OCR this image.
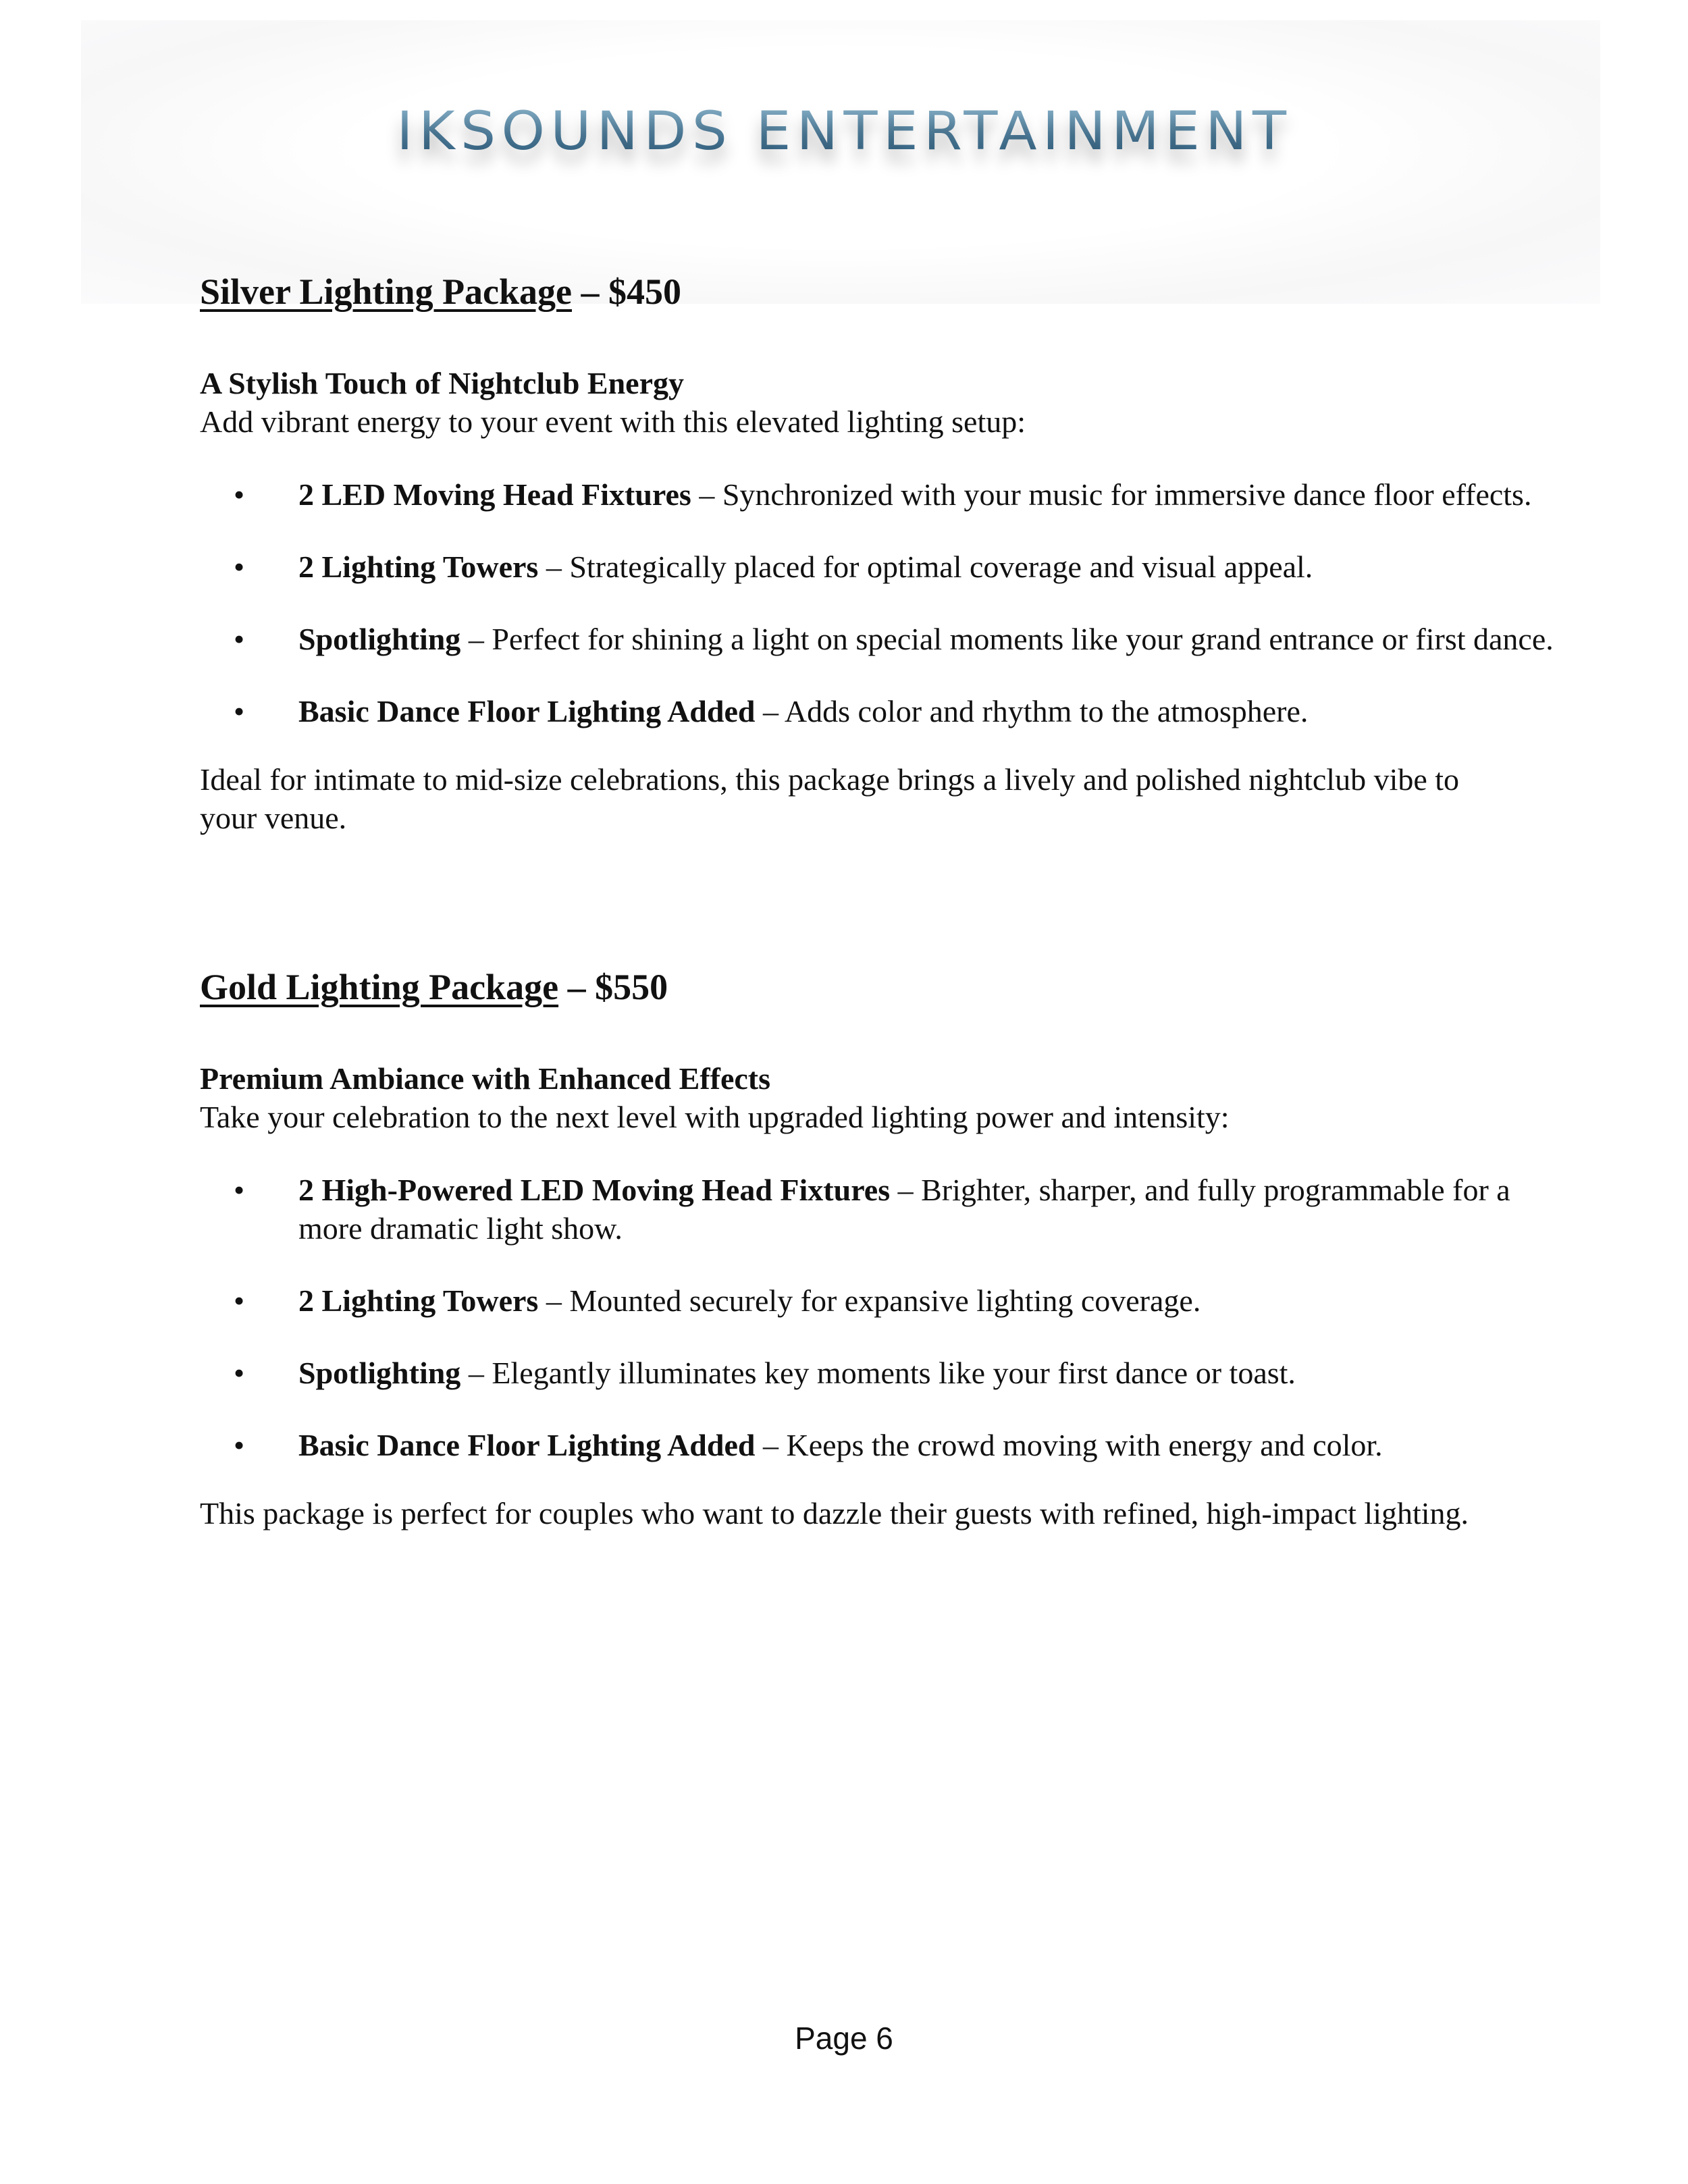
IKSOUNDS ENTERTAINMENT
Silver Lighting Package – $450

A Stylish Touch of Nightclub Energy

Add vibrant energy to your event with this elevated lighting setup:

• 2 LED Moving Head Fixtures – Synchronized with your music for immersive dance floor effects.
• 2 Lighting Towers – Strategically placed for optimal coverage and visual appeal.
• Spotlighting – Perfect for shining a light on special moments like your grand entrance or first dance.
• Basic Dance Floor Lighting Added – Adds color and rhythm to the atmosphere.

Ideal for intimate to mid-size celebrations, this package brings a lively and polished nightclub vibe to your venue.

Gold Lighting Package – $550

Premium Ambiance with Enhanced Effects

Take your celebration to the next level with upgraded lighting power and intensity:

• 2 High-Powered LED Moving Head Fixtures – Brighter, sharper, and fully programmable for a more dramatic light show.
• 2 Lighting Towers – Mounted securely for expansive lighting coverage.
• Spotlighting – Elegantly illuminates key moments like your first dance or toast.
• Basic Dance Floor Lighting Added – Keeps the crowd moving with energy and color.

This package is perfect for couples who want to dazzle their guests with refined, high-impact lighting.

Page 6
